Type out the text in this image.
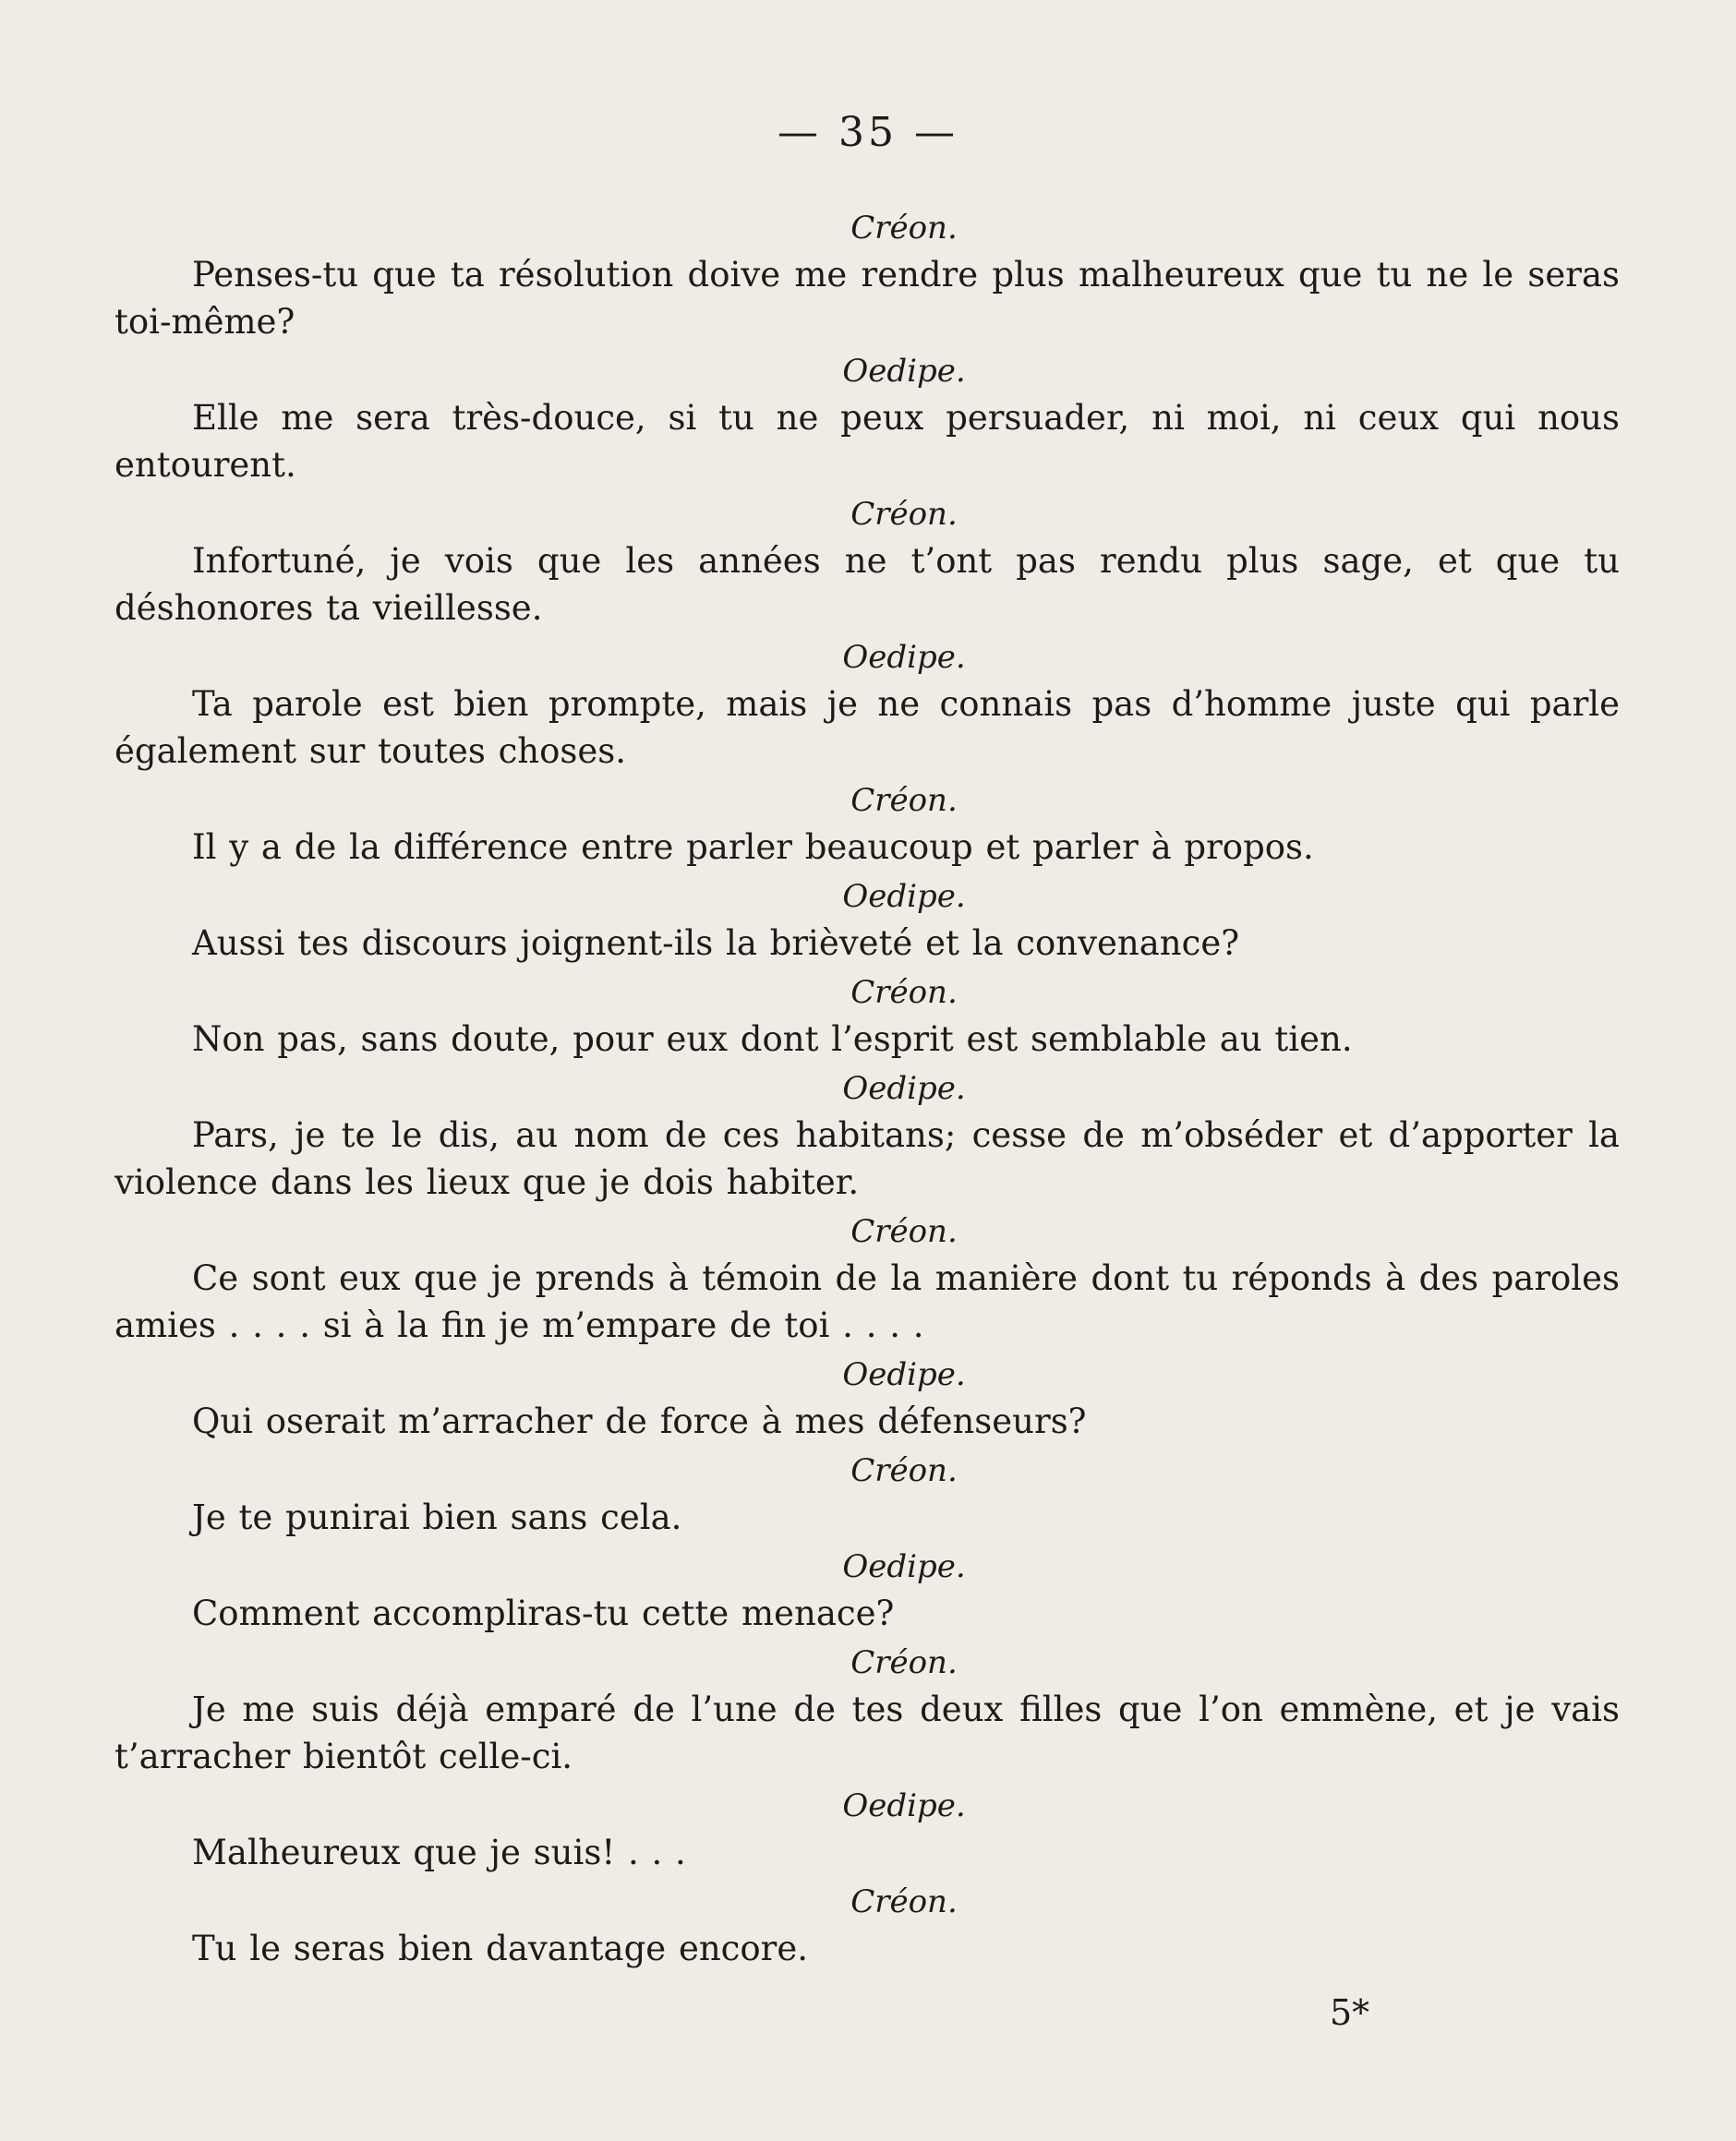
— 35 —

Créon.

Penses-tu que ta résolution doive me rendre plus malheureux que tu ne le seras toi-même?

Oedipe.

Elle me sera très-douce, si tu ne peux persuader, ni moi, ni ceux qui nous entourent.

Créon.

Infortuné, je vois que les années ne t’ont pas rendu plus sage, et que tu déshonores ta vieillesse.

Oedipe.

Ta parole est bien prompte, mais je ne connais pas d’homme juste qui parle également sur toutes choses.

Créon.

Il y a de la différence entre parler beaucoup et parler à propos.

Oedipe.

Aussi tes discours joignent-ils la brièveté et la convenance?

Créon.

Non pas, sans doute, pour eux dont l’esprit est semblable au tien.

Oedipe.

Pars, je te le dis, au nom de ces habitans; cesse de m’obséder et d’apporter la violence dans les lieux que je dois habiter.

Créon.

Ce sont eux que je prends à témoin de la manière dont tu réponds à des paroles amies . . . . si à la fin je m’empare de toi . . . .

Oedipe.

Qui oserait m’arracher de force à mes défenseurs?

Créon.

Je te punirai bien sans cela.

Oedipe.

Comment accompliras-tu cette menace?

Créon.

Je me suis déjà emparé de l’une de tes deux filles que l’on emmène, et je vais t’arracher bientôt celle-ci.

Oedipe.

Malheureux que je suis! . . .

Créon.

Tu le seras bien davantage encore.

5*
